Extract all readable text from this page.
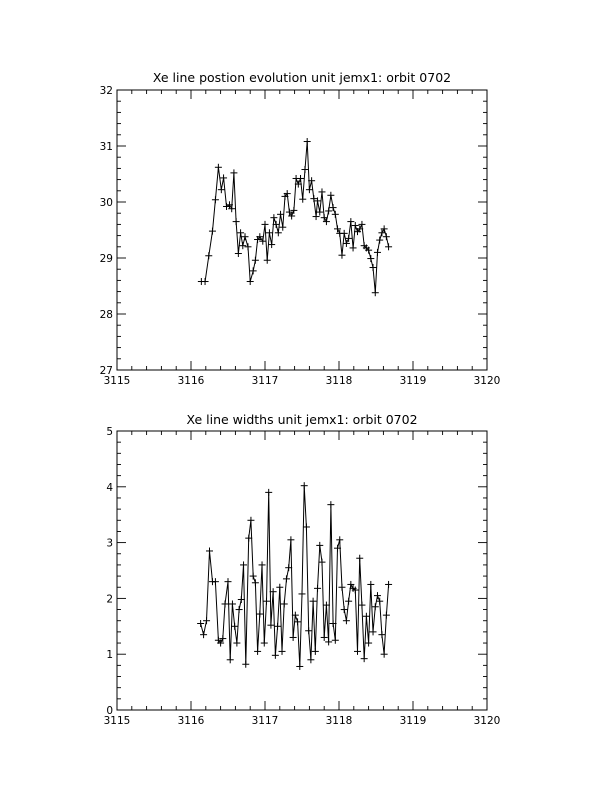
Xe line postion evolution unit jemx1: orbit 0702
3115	3116	3117	3118	3119	3120
27
28
29
30
31
32
Xe line widths unit jemx1: orbit 0702
3115	3116	3117	3118	3119	3120
0
1
2
3
4
5
